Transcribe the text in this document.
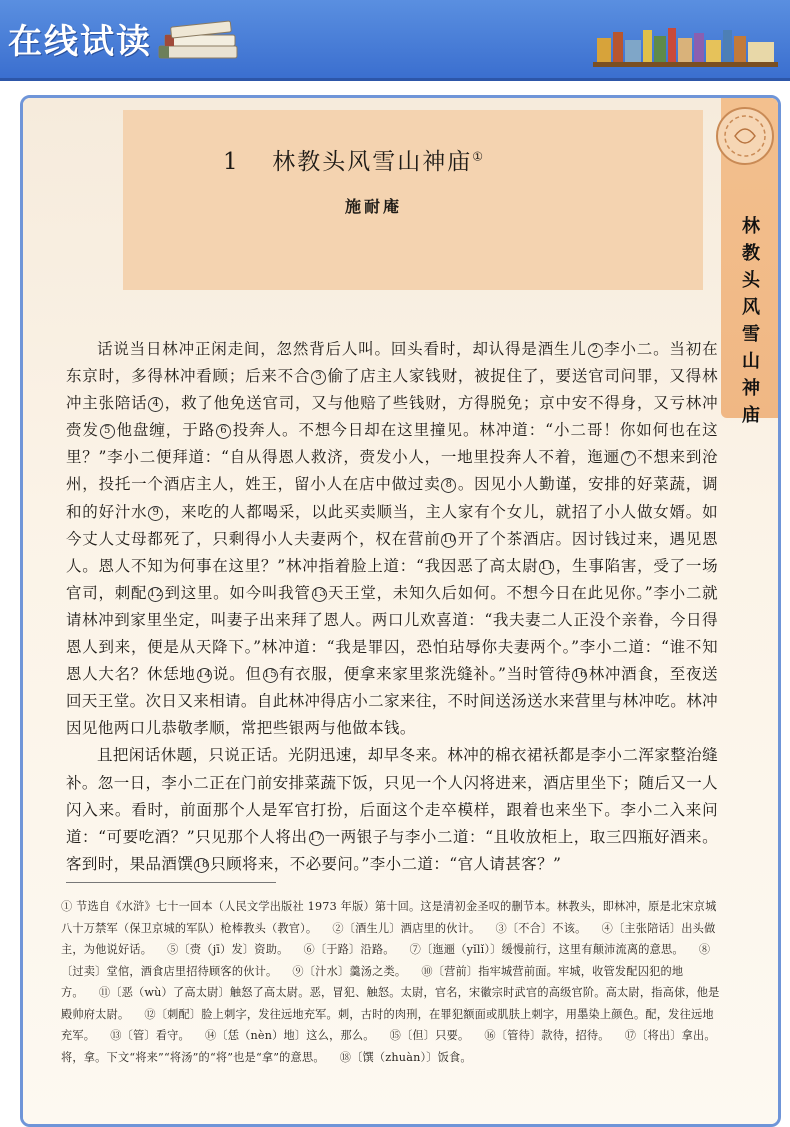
在线试读
1 林教头风雪山神庙①
施耐庵
林
教
头
风
雪
山
神
庙

话说当日林冲正闲走间，忽然背后人叫。回头看时，却认得是酒生儿 2 李小二。当初在东京时，多得林冲看顾；后来不合 3 偷了店主人家钱财，被捉住了，要送官司问罪，又得林冲主张陪话 4 ，救了他免送官司，又与他赔了些钱财，方得脱免；京中安不得身，又亏林冲赍发 5 他盘缠，于路 6 投奔人。不想今日却在这里撞见。林冲道：“小二哥！你如何也在这里？”李小二便拜道：“自从得恩人救济，赍发小人，一地里投奔人不着，迤逦 7 不想来到沧州，投托一个酒店主人，姓王，留小人在店中做过卖 8 。因见小人勤谨，安排的好菜蔬，调和的好汁水 9 ，来吃的人都喝采，以此买卖顺当，主人家有个女儿，就招了小人做女婿。如今丈人丈母都死了，只剩得小人夫妻两个，权在营前 10开了个茶酒店。因讨钱过来，遇见恩人。恩人不知为何事在这里？”林冲指着脸上道：“我因恶了高太尉 11，生事陷害，受了一场官司，刺配 12到这里。如今叫我管 13天王堂，未知久后如何。不想今日在此见你。”李小二就请林冲到家里坐定，叫妻子出来拜了恩人。两口儿欢喜道：“我夫妻二人正没个亲眷，今日得恩人到来，便是从天降下。”林冲道：“我是罪囚，恐怕玷辱你夫妻两个。”李小二道：“谁不知恩人大名？休恁地 14说。但 15有衣服，便拿来家里浆洗缝补。”当时管待 16林冲酒食，至夜送回天王堂。次日又来相请。自此林冲得店小二家来往，不时间送汤送水来营里与林冲吃。林冲因见他两口儿恭敬孝顺，常把些银两与他做本钱。

且把闲话休题，只说正话。光阴迅速，却早冬来。林冲的棉衣裙袄都是李小二浑家整治缝补。忽一日，李小二正在门前安排菜蔬下饭，只见一个人闪将进来，酒店里坐下；随后又一人闪入来。看时，前面那个人是军官打扮，后面这个走卒模样，跟着也来坐下。李小二入来问道：“可要吃酒？”只见那个人将出 17一两银子与李小二道：“且收放柜上，取三四瓶好酒来。客到时，果品酒馔 18只顾将来，不必要问。”李小二道：“官人请甚客？”

① 节选自《水浒》七十一回本（人民文学出版社 1973 年版）第十回。这是清初金圣叹的删节本。林教头，即林冲，原是北宋京城八十万禁军（保卫京城的军队）枪棒教头（教官）。 ②〔酒生儿〕酒店里的伙计。 ③〔不合〕不该。 ④〔主张陪话〕出头做主，为他说好话。 ⑤〔赍（jī）发〕资助。 ⑥〔于路〕沿路。 ⑦〔迤逦（yǐlǐ）〕缓慢前行，这里有颠沛流离的意思。 ⑧〔过卖〕堂倌，酒食店里招待顾客的伙计。 ⑨〔汁水〕羹汤之类。 ⑩〔营前〕指牢城营前面。牢城，收管发配囚犯的地方。 ⑪〔恶（wù）了高太尉〕触怒了高太尉。恶，冒犯、触怒。太尉，官名，宋徽宗时武官的高级官阶。高太尉，指高俅，他是殿帅府太尉。 ⑫〔刺配〕脸上刺字，发往远地充军。刺，古时的肉刑，在罪犯额面或肌肤上刺字，用墨染上颜色。配，发往远地充军。 ⑬〔管〕看守。 ⑭〔恁（nèn）地〕这么，那么。 ⑮〔但〕只要。 ⑯〔管待〕款待，招待。 ⑰〔将出〕拿出。将，拿。下文“将来”“将汤”的“将”也是“拿”的意思。 ⑱〔馔（zhuàn）〕饭食。
